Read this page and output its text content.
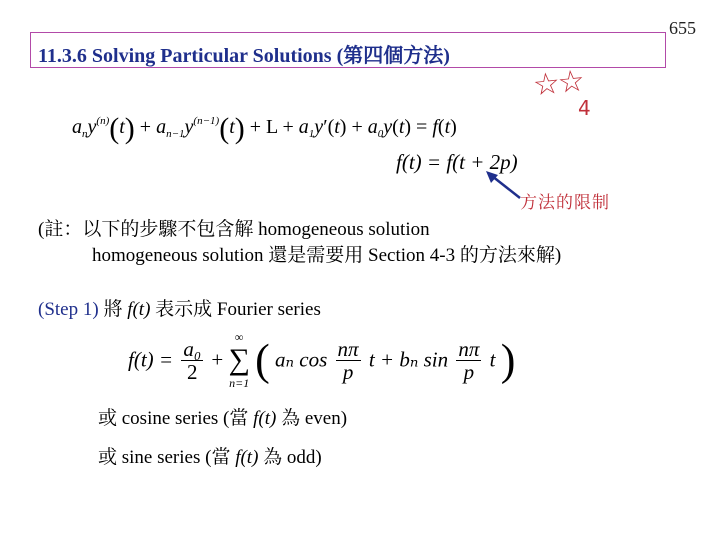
655
11.3.6 Solving Particular Solutions (第四個方法)
☆☆
4
$a_ny^{(n)}(t) + a_{n-1}y^{(n-1)}(t) + L + a_1y'(t) + a_0y(t) = f(t)$
f(t) = f(t + 2p)
方法的限制
(註：以下的步驟不包含解 homogeneous solution
homogeneous solution 還是需要用 Section 4-3 的方法來解)
(Step 1) 將 f(t) 表示成 Fourier series
$f(t) = \frac{\text{a₀}}{2}$ +
∞
∑
n=1 ( aₙ $\cos \frac{n\pi}{p}$ t + bₙ $\sin \frac{n\pi}{p}$ t )
或 cosine series (當 f(t) 為 even)
或 sine series (當 f(t) 為 odd)
